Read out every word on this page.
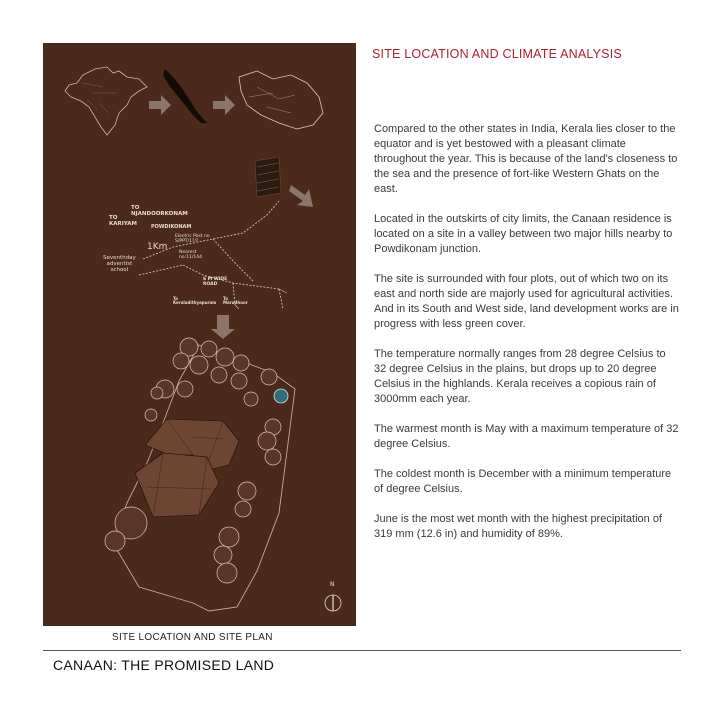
TO
KARIYAM
TO
NJANDOORKONAM
POWDIKONAM
1Km
Electric Post no
S/PPT/1?/?
Nearest
no:11/144
Seventhday
adventist
school
6 M WIDE
ROAD
To
Keraladithyapuram
To
Marudhoor
N
SITE LOCATION AND SITE PLAN
SITE LOCATION AND CLIMATE ANALYSIS

Compared to the other states in India, Kerala lies closer to the equator and is yet bestowed with a pleasant climate throughout the year. This is because of the land's closeness to the sea and the presence of fort-like Western Ghats on the east.

Located in the outskirts of city limits, the Canaan residence is located on a site in a valley between two major hills nearby to Powdikonam junction.

The site is surrounded with four plots, out of which two on its east and north side are majorly used for agricultural activities. And in its South and West side, land development works are in progress with less green cover.

The temperature normally ranges from 28 degree Celsius to 32 degree Celsius in the plains, but drops up to 20 degree Celsius in the highlands. Kerala receives a copious rain of 3000mm each year.

The warmest month is May with a maximum temperature of 32 degree Celsius.

The coldest month is December with a minimum temperature of degree Celsius.

June is the most wet month with the highest precipitation of 319 mm (12.6 in) and humidity of 89%.

CANAAN: THE PROMISED LAND
